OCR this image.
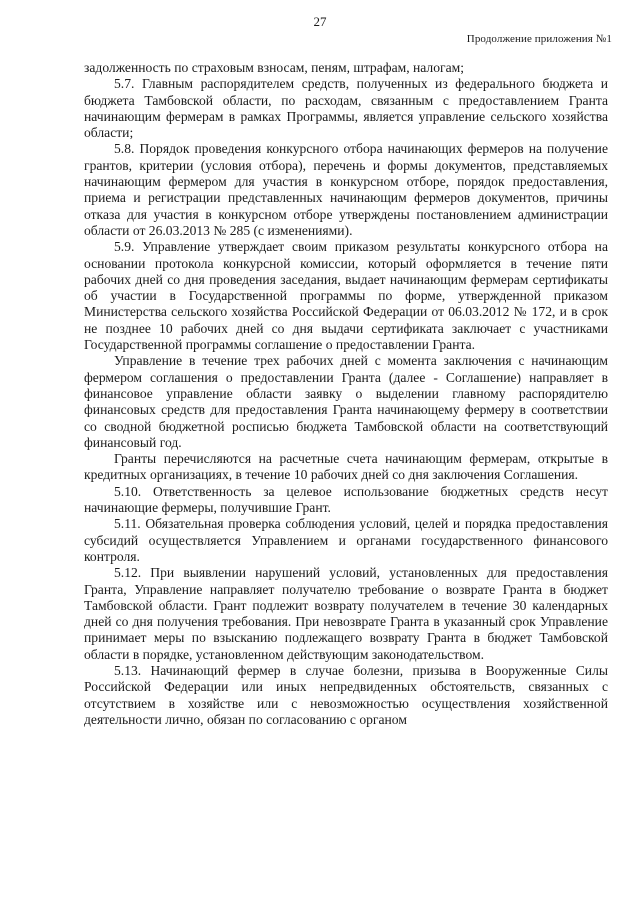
27
Продолжение приложения №1

задолженность по страховым взносам, пеням, штрафам, налогам;

5.7. Главным распорядителем средств, полученных из федерального бюджета и бюджета Тамбовской области, по расходам, связанным с предоставлением Гранта начинающим фермерам в рамках Программы, является управление сельского хозяйства области;

5.8. Порядок проведения конкурсного отбора начинающих фермеров на получение грантов, критерии (условия отбора), перечень и формы документов, представляемых начинающим фермером для участия в конкурсном отборе, порядок предоставления, приема и регистрации представленных начинающим фермеров документов, причины отказа для участия в конкурсном отборе утверждены постановлением администрации области от 26.03.2013 № 285 (с изменениями).

5.9. Управление утверждает своим приказом результаты конкурсного отбора на основании протокола конкурсной комиссии, который оформляется в течение пяти рабочих дней со дня проведения заседания, выдает начинающим фермерам сертификаты об участии в Государственной программы по форме, утвержденной приказом Министерства сельского хозяйства Российской Федерации от 06.03.2012 № 172, и в срок не позднее 10 рабочих дней со дня выдачи сертификата заключает с участниками Государственной программы соглашение о предоставлении Гранта.

Управление в течение трех рабочих дней с момента заключения с начинающим фермером соглашения о предоставлении Гранта (далее - Соглашение) направляет в финансовое управление области заявку о выделении главному распорядителю финансовых средств для предоставления Гранта начинающему фермеру в соответствии со сводной бюджетной росписью бюджета Тамбовской области на соответствующий финансовый год.

Гранты перечисляются на расчетные счета начинающим фермерам, открытые в кредитных организациях, в течение 10 рабочих дней со дня заключения Соглашения.

5.10. Ответственность за целевое использование бюджетных средств несут начинающие фермеры, получившие Грант.

5.11. Обязательная проверка соблюдения условий, целей и порядка предоставления субсидий осуществляется Управлением и органами государственного финансового контроля.

5.12. При выявлении нарушений условий, установленных для предоставления Гранта, Управление направляет получателю требование о возврате Гранта в бюджет Тамбовской области. Грант подлежит возврату получателем в течение 30 календарных дней со дня получения требования. При невозврате Гранта в указанный срок Управление принимает меры по взысканию подлежащего возврату Гранта в бюджет Тамбовской области в порядке, установленном действующим законодательством.

5.13. Начинающий фермер в случае болезни, призыва в Вооруженные Силы Российской Федерации или иных непредвиденных обстоятельств, связанных с отсутствием в хозяйстве или с невозможностью осуществления хозяйственной деятельности лично, обязан по согласованию с органом
